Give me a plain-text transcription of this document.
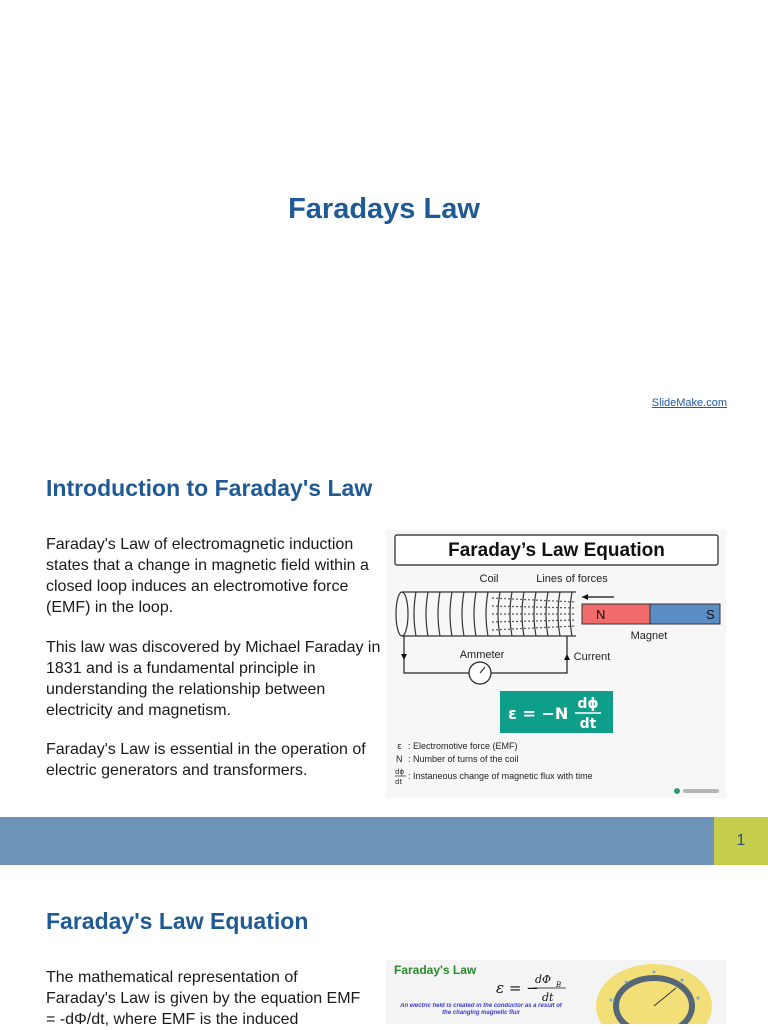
Faradays Law
SlideMake.com
Introduction to Faraday's Law

Faraday's Law of electromagnetic induction states that a change in magnetic field within a closed loop induces an electromotive force (EMF) in the loop.

This law was discovered by Michael Faraday in 1831 and is a fundamental principle in understanding the relationship between electricity and magnetism.

Faraday's Law is essential in the operation of electric generators and transformers.

Faraday’s Law Equation
Coil	Lines of forces
N	S
Magnet
Ammeter	Current
ε = −N dϕ
dt
ε : Electromotive force (EMF)
N : Number of turns of the coil
dϕ
dt
: Instaneous change of magnetic flux with time
1
Faraday's Law Equation

The mathematical representation of Faraday's Law is given by the equation EMF = -dΦ/dt, where EMF is the induced

Faraday's Law
ε = −
dΦ B
dt
An electric field is created in the conductor as a result of the changing magnetic flux
